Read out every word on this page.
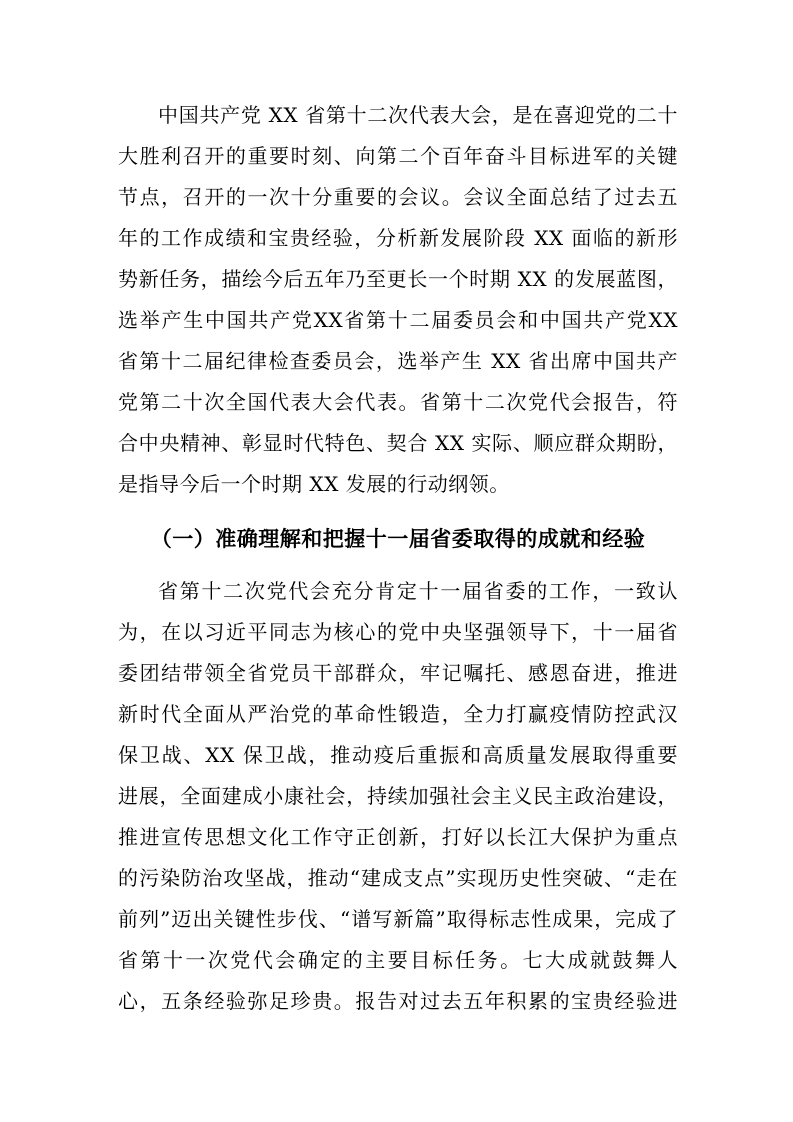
中国共产党 XX 省第十二次代表大会，是在喜迎党的二十
大胜利召开的重要时刻、向第二个百年奋斗目标进军的关键
节点，召开的一次十分重要的会议。会议全面总结了过去五
年的工作成绩和宝贵经验，分析新发展阶段 XX 面临的新形
势新任务，描绘今后五年乃至更长一个时期 XX 的发展蓝图，
选举产生中国共产党XX省第十二届委员会和中国共产党XX
省第十二届纪律检查委员会，选举产生 XX 省出席中国共产
党第二十次全国代表大会代表。省第十二次党代会报告，符
合中央精神、彰显时代特色、契合 XX 实际、顺应群众期盼，
是指导今后一个时期 XX 发展的行动纲领。
（一）准确理解和把握十一届省委取得的成就和经验
省第十二次党代会充分肯定十一届省委的工作，一致认
为，在以习近平同志为核心的党中央坚强领导下，十一届省
委团结带领全省党员干部群众，牢记嘱托、感恩奋进，推进
新时代全面从严治党的革命性锻造，全力打赢疫情防控武汉
保卫战、XX 保卫战，推动疫后重振和高质量发展取得重要
进展，全面建成小康社会，持续加强社会主义民主政治建设，
推进宣传思想文化工作守正创新，打好以长江大保护为重点
的污染防治攻坚战，推动“建成支点”实现历史性突破、“走在
前列”迈出关键性步伐、“谱写新篇”取得标志性成果，完成了
省第十一次党代会确定的主要目标任务。七大成就鼓舞人
心，五条经验弥足珍贵。报告对过去五年积累的宝贵经验进
